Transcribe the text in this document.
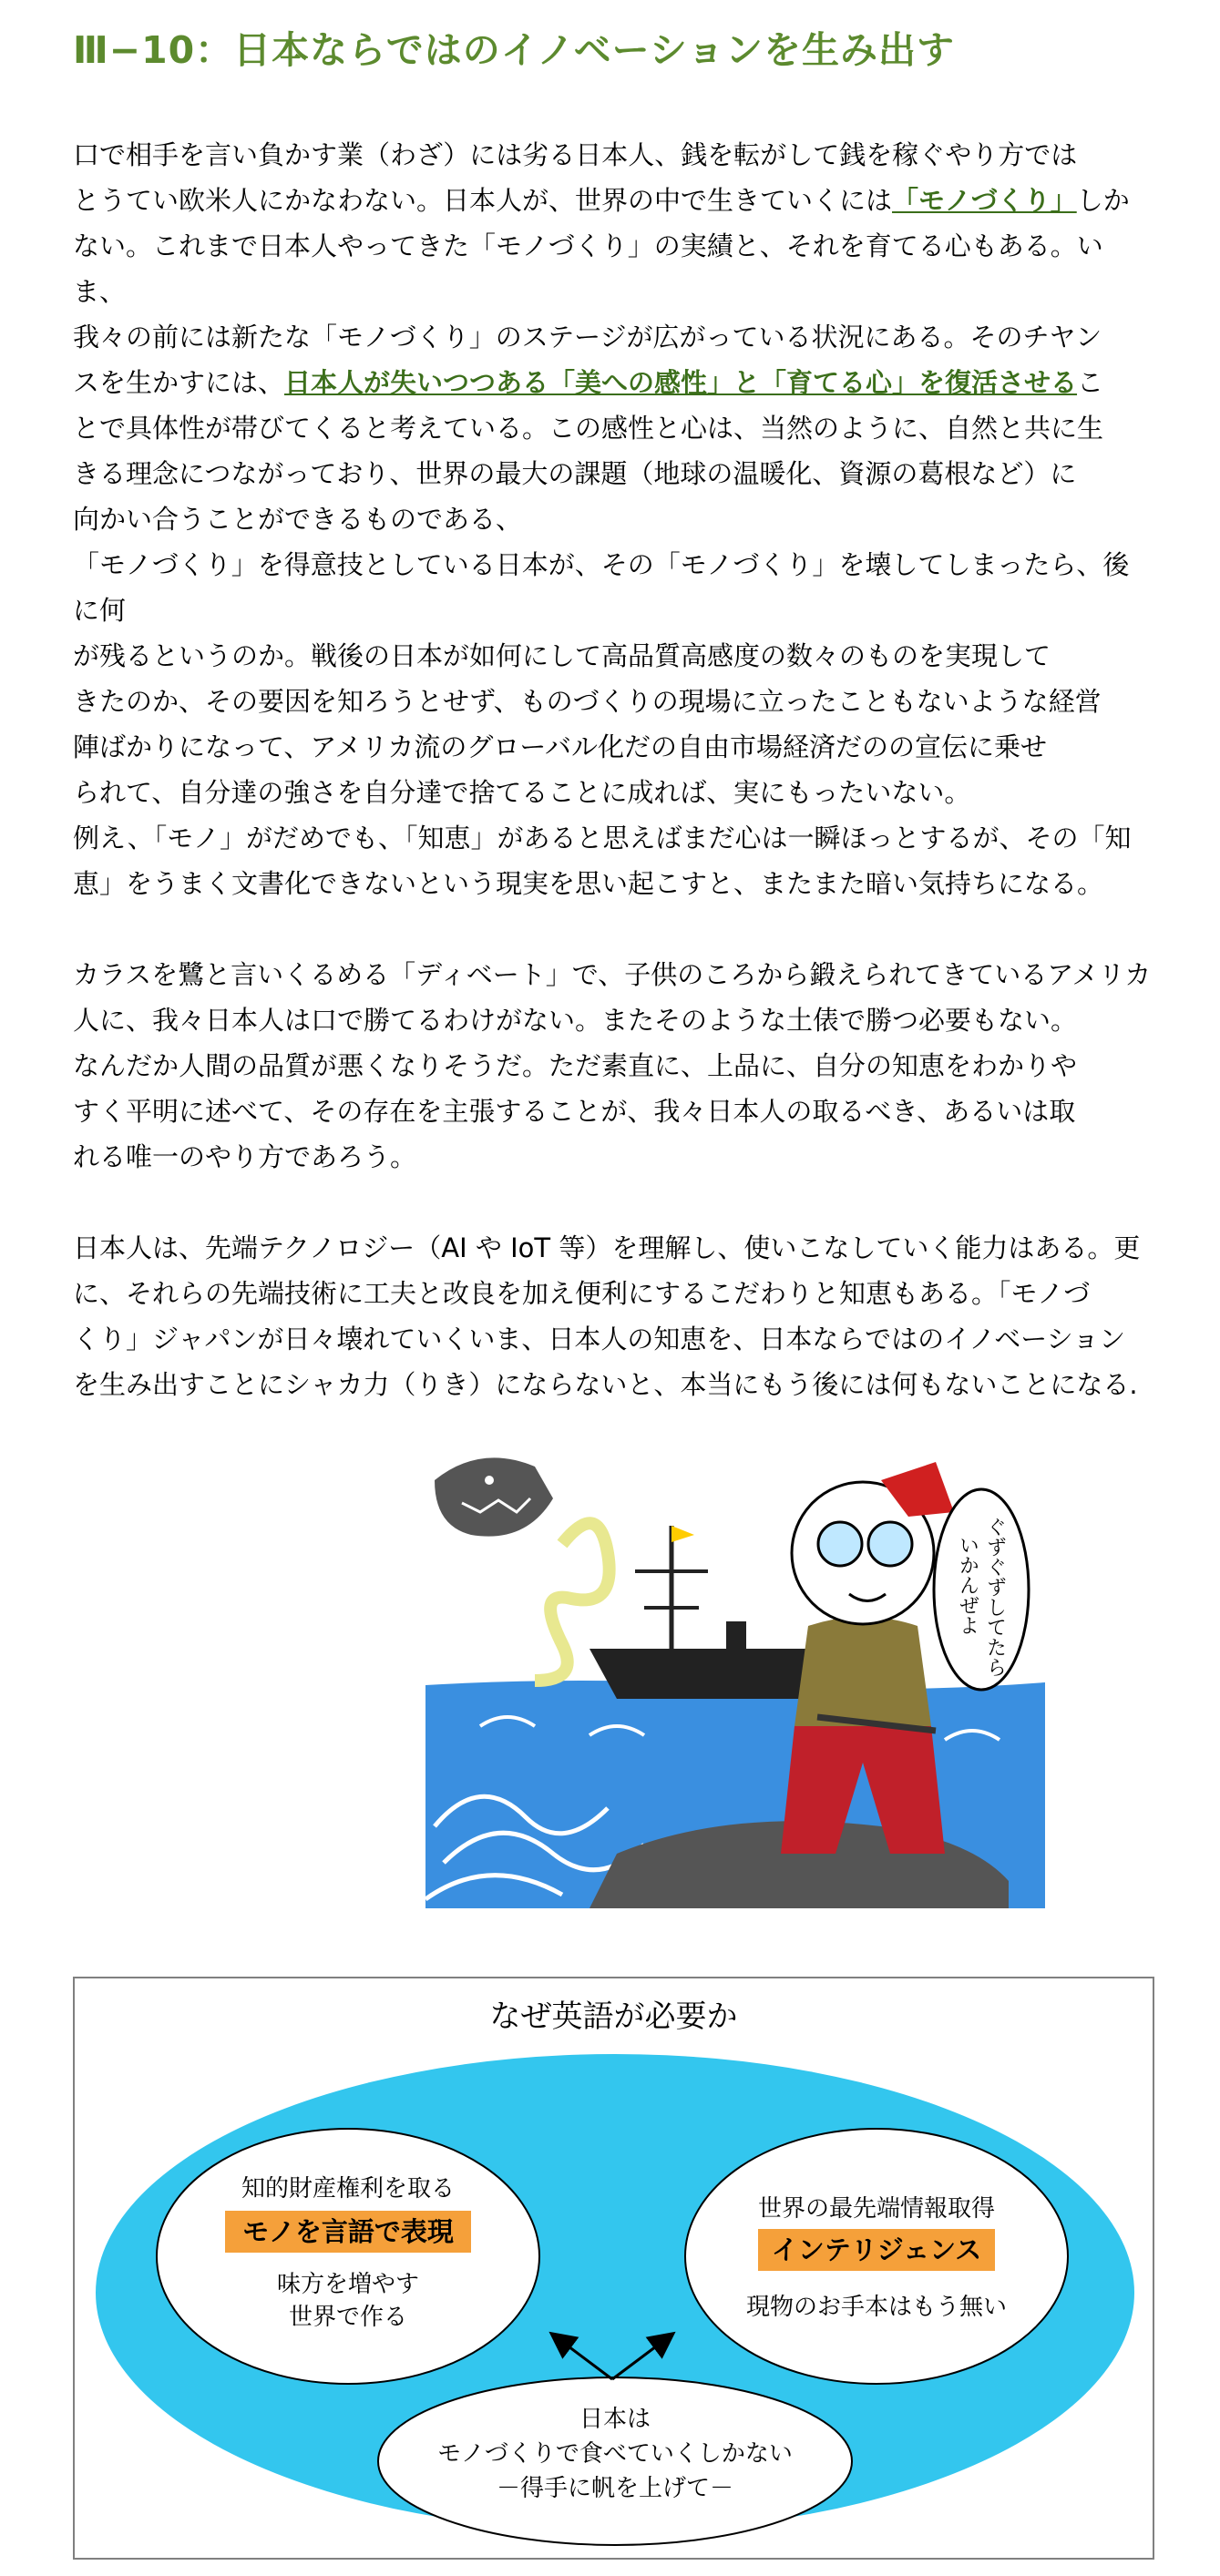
Ⅲ−10：日本ならではのイノベーションを生み出す
口で相手を言い負かす業（わざ）には劣る日本人、銭を転がして銭を稼ぐやり方では
とうてい欧米人にかなわない。日本人が、世界の中で生きていくには「モノづくり」しか
ない。これまで日本人やってきた「モノづくり」の実績と、それを育てる心もある。いま、
我々の前には新たな「モノづくり」のステージが広がっている状況にある。そのチヤン
スを生かすには、日本人が失いつつある「美への感性」と「育てる心」を復活させるこ
とで具体性が帯びてくると考えている。この感性と心は、当然のように、自然と共に生
きる理念につながっており、世界の最大の課題（地球の温暖化、資源の葛根など）に
向かい合うことができるものである、
「モノづくり」を得意技としている日本が、その「モノづくり」を壊してしまったら、後に何
が残るというのか。戦後の日本が如何にして高品質高感度の数々のものを実現して
きたのか、その要因を知ろうとせず、ものづくりの現場に立ったこともないような経営
陣ばかりになって、アメリカ流のグローバル化だの自由市場経済だのの宣伝に乗せ
られて、自分達の強さを自分達で捨てることに成れば、実にもったいない。
例え、「モノ」がだめでも、「知恵」があると思えばまだ心は一瞬ほっとするが、その「知
恵」をうまく文書化できないという現実を思い起こすと、またまた暗い気持ちになる。
カラスを鷺と言いくるめる「ディベート」で、子供のころから鍛えられてきているアメリカ
人に、我々日本人は口で勝てるわけがない。またそのような土俵で勝つ必要もない。
なんだか人間の品質が悪くなりそうだ。ただ素直に、上品に、自分の知恵をわかりや
すく平明に述べて、その存在を主張することが、我々日本人の取るべき、あるいは取
れる唯一のやり方であろう。
日本人は、先端テクノロジー（AI や IoT 等）を理解し、使いこなしていく能力はある。更
に、それらの先端技術に工夫と改良を加え便利にするこだわりと知恵もある。「モノづ
くり」ジャパンが日々壊れていくいま、日本人の知恵を、日本ならではのイノベーション
を生み出すことにシャカ力（りき）にならないと、本当にもう後には何もないことになる.
ぐずぐずしてたら
いかんぜよ
なぜ英語が必要か
知的財産権利を取る
モノを言語で表現
味方を増やす
世界で作る
世界の最先端情報取得
インテリジェンス
現物のお手本はもう無い
日本は
モノづくりで食べていくしかない
－得手に帆を上げて－
